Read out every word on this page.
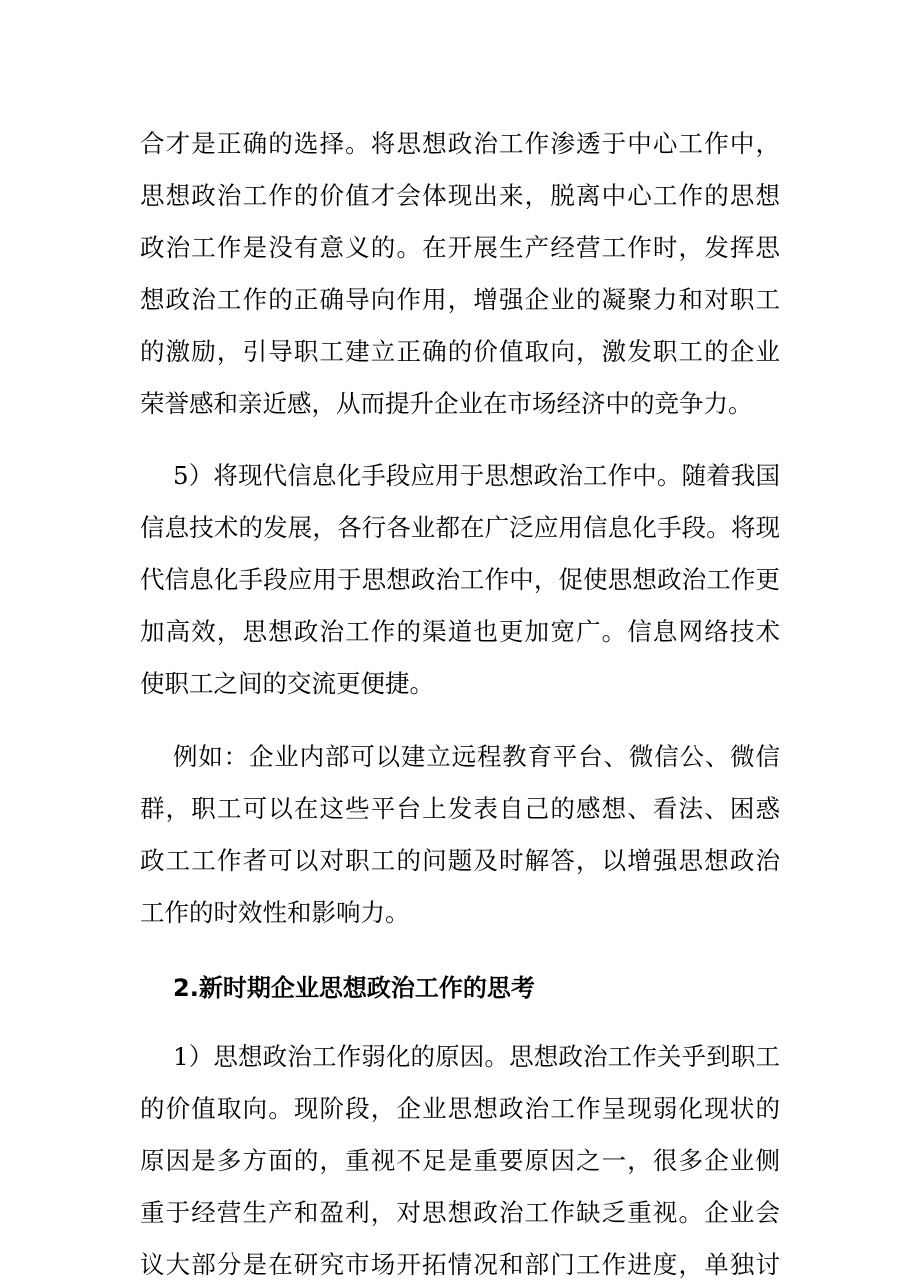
合才是正确的选择。将思想政治工作渗透于中心工作中，
思想政治工作的价值才会体现出来，脱离中心工作的思想
政治工作是没有意义的。在开展生产经营工作时，发挥思
想政治工作的正确导向作用，增强企业的凝聚力和对职工
的激励，引导职工建立正确的价值取向，激发职工的企业
荣誉感和亲近感，从而提升企业在市场经济中的竞争力。
5）将现代信息化手段应用于思想政治工作中。随着我国
信息技术的发展，各行各业都在广泛应用信息化手段。将现
代信息化手段应用于思想政治工作中，促使思想政治工作更
加高效，思想政治工作的渠道也更加宽广。信息网络技术
使职工之间的交流更便捷。
例如：企业内部可以建立远程教育平台、微信公、微信
群，职工可以在这些平台上发表自己的感想、看法、困惑
政工工作者可以对职工的问题及时解答，以增强思想政治
工作的时效性和影响力。
2.新时期企业思想政治工作的思考
1）思想政治工作弱化的原因。思想政治工作关乎到职工
的价值取向。现阶段，企业思想政治工作呈现弱化现状的
原因是多方面的，重视不足是重要原因之一，很多企业侧
重于经营生产和盈利，对思想政治工作缺乏重视。企业会
议大部分是在研究市场开拓情况和部门工作进度，单独讨
